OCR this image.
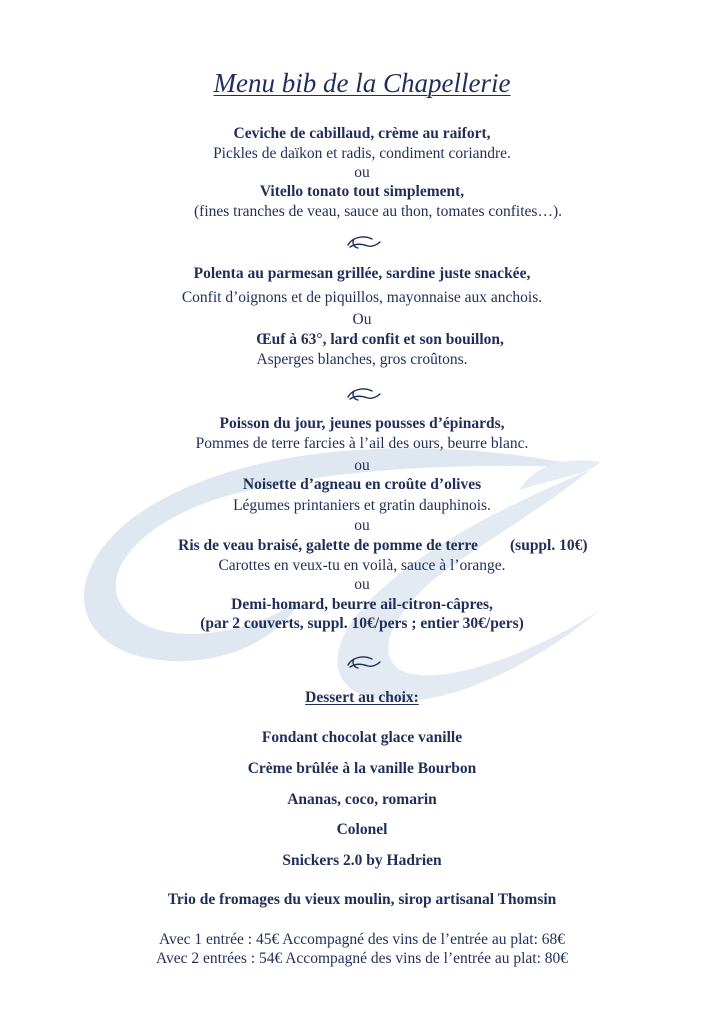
Menu bib de la Chapellerie
Ceviche de cabillaud, crème au raifort,
Pickles de daïkon et radis, condiment coriandre.
ou
Vitello tonato tout simplement,
(fines tranches de veau, sauce au thon, tomates confites…).
Polenta au parmesan grillée, sardine juste snackée,
Confit d’oignons et de piquillos, mayonnaise aux anchois.
Ou
Œuf à 63°, lard confit et son bouillon,
Asperges blanches, gros croûtons.
Poisson du jour, jeunes pousses d’épinards,
Pommes de terre farcies à l’ail des ours, beurre blanc.
ou
Noisette d’agneau en croûte d’olives
Légumes printaniers et gratin dauphinois.
ou
Ris de veau braisé, galette de pomme de terre	(suppl. 10€)
Carottes en veux-tu en voilà, sauce à l’orange.
ou
Demi-homard, beurre ail-citron-câpres,
(par 2 couverts, suppl. 10€/pers ; entier 30€/pers)
Dessert au choix:
Fondant chocolat glace vanille
Crème brûlée à la vanille Bourbon
Ananas, coco, romarin
Colonel
Snickers 2.0 by Hadrien
Trio de fromages du vieux moulin, sirop artisanal Thomsin
Avec 1 entrée : 45€ Accompagné des vins de l’entrée au plat: 68€
Avec 2 entrées : 54€ Accompagné des vins de l’entrée au plat: 80€
